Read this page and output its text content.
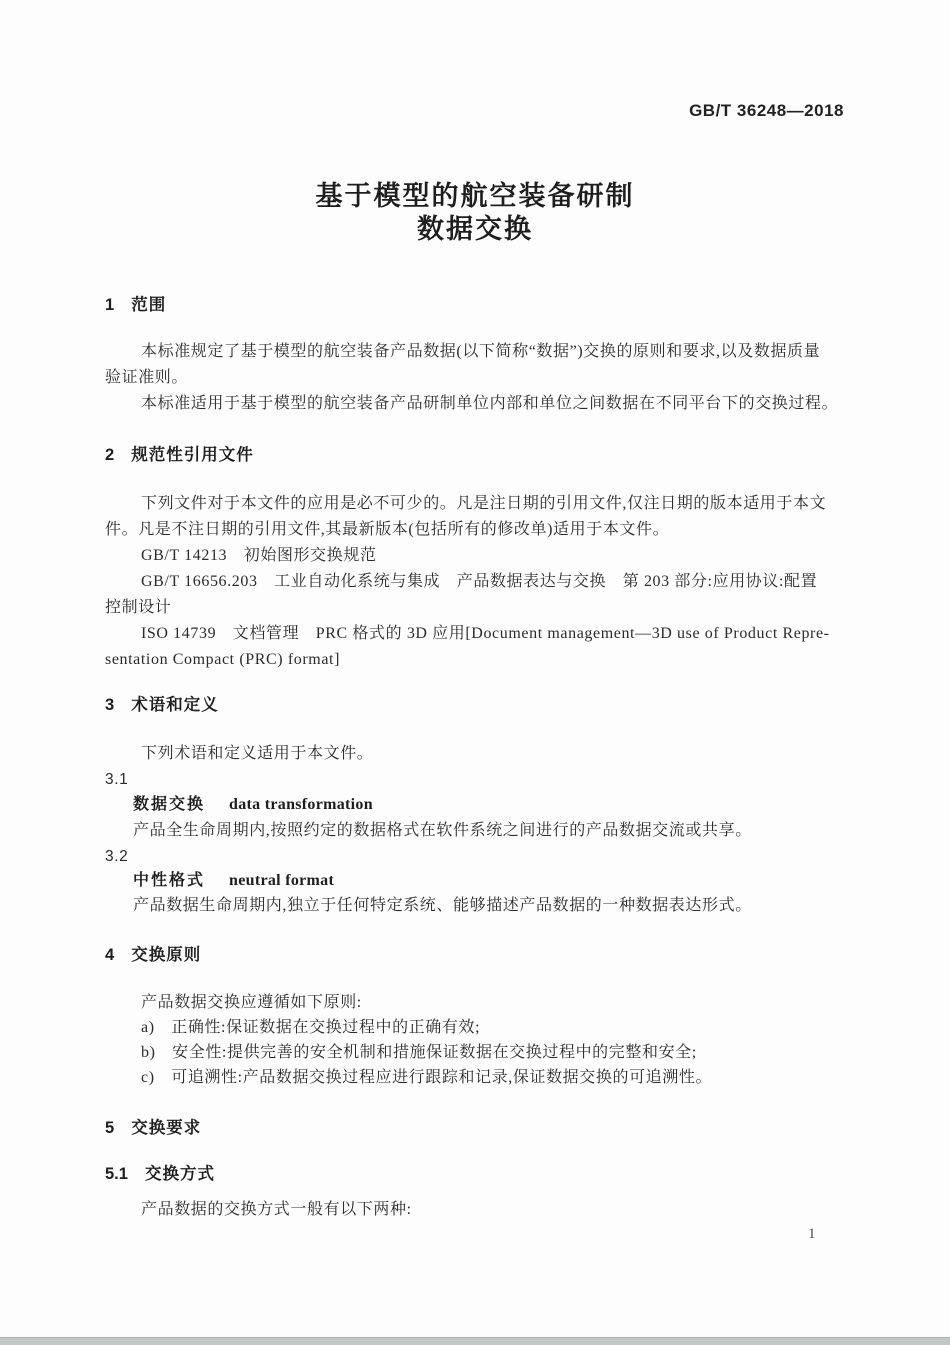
GB/T 36248—2018
基于模型的航空装备研制
数据交换
1 范围
本标准规定了基于模型的航空装备产品数据(以下简称“数据”)交换的原则和要求,以及数据质量
验证准则。
本标准适用于基于模型的航空装备产品研制单位内部和单位之间数据在不同平台下的交换过程。
2 规范性引用文件
下列文件对于本文件的应用是必不可少的。凡是注日期的引用文件,仅注日期的版本适用于本文
件。凡是不注日期的引用文件,其最新版本(包括所有的修改单)适用于本文件。
GB/T 14213　初始图形交换规范
GB/T 16656.203　工业自动化系统与集成　产品数据表达与交换　第 203 部分:应用协议:配置
控制设计
ISO 14739　文档管理　PRC 格式的 3D 应用[Document management—3D use of Product Repre-
sentation Compact (PRC) format]
3 术语和定义
下列术语和定义适用于本文件。
3.1
数据交换 data transformation
产品全生命周期内,按照约定的数据格式在软件系统之间进行的产品数据交流或共享。
3.2
中性格式 neutral format
产品数据生命周期内,独立于任何特定系统、能够描述产品数据的一种数据表达形式。
4 交换原则
产品数据交换应遵循如下原则:
a)　正确性:保证数据在交换过程中的正确有效;
b)　安全性:提供完善的安全机制和措施保证数据在交换过程中的完整和安全;
c)　可追溯性:产品数据交换过程应进行跟踪和记录,保证数据交换的可追溯性。
5 交换要求
5.1 交换方式
产品数据的交换方式一般有以下两种:
1
